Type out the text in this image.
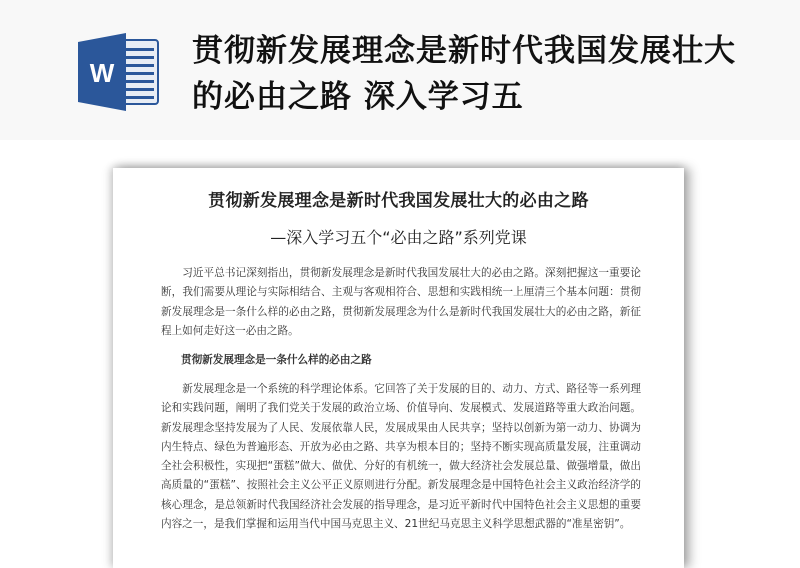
W
贯彻新发展理念是新时代我国发展壮大的必由之路 深入学习五
贯彻新发展理念是新时代我国发展壮大的必由之路
—深入学习五个“必由之路”系列党课
习近平总书记深刻指出，贯彻新发展理念是新时代我国发展壮大的必由之路。深刻把握这一重要论断，我们需要从理论与实际相结合、主观与客观相符合、思想和实践相统一上厘清三个基本问题：贯彻新发展理念是一条什么样的必由之路，贯彻新发展理念为什么是新时代我国发展壮大的必由之路，新征程上如何走好这一必由之路。
贯彻新发展理念是一条什么样的必由之路
新发展理念是一个系统的科学理论体系。它回答了关于发展的目的、动力、方式、路径等一系列理论和实践问题，阐明了我们党关于发展的政治立场、价值导向、发展模式、发展道路等重大政治问题。新发展理念坚持发展为了人民、发展依靠人民，发展成果由人民共享；坚持以创新为第一动力、协调为内生特点、绿色为普遍形态、开放为必由之路、共享为根本目的；坚持不断实现高质量发展，注重调动全社会积极性，实现把“蛋糕”做大、做优、分好的有机统一，做大经济社会发展总量、做强增量，做出高质量的“蛋糕”、按照社会主义公平正义原则进行分配。新发展理念是中国特色社会主义政治经济学的核心理念，是总领新时代我国经济社会发展的指导理念，是习近平新时代中国特色社会主义思想的重要内容之一，是我们掌握和运用当代中国马克思主义、21世纪马克思主义科学思想武器的“准星密钥”。
